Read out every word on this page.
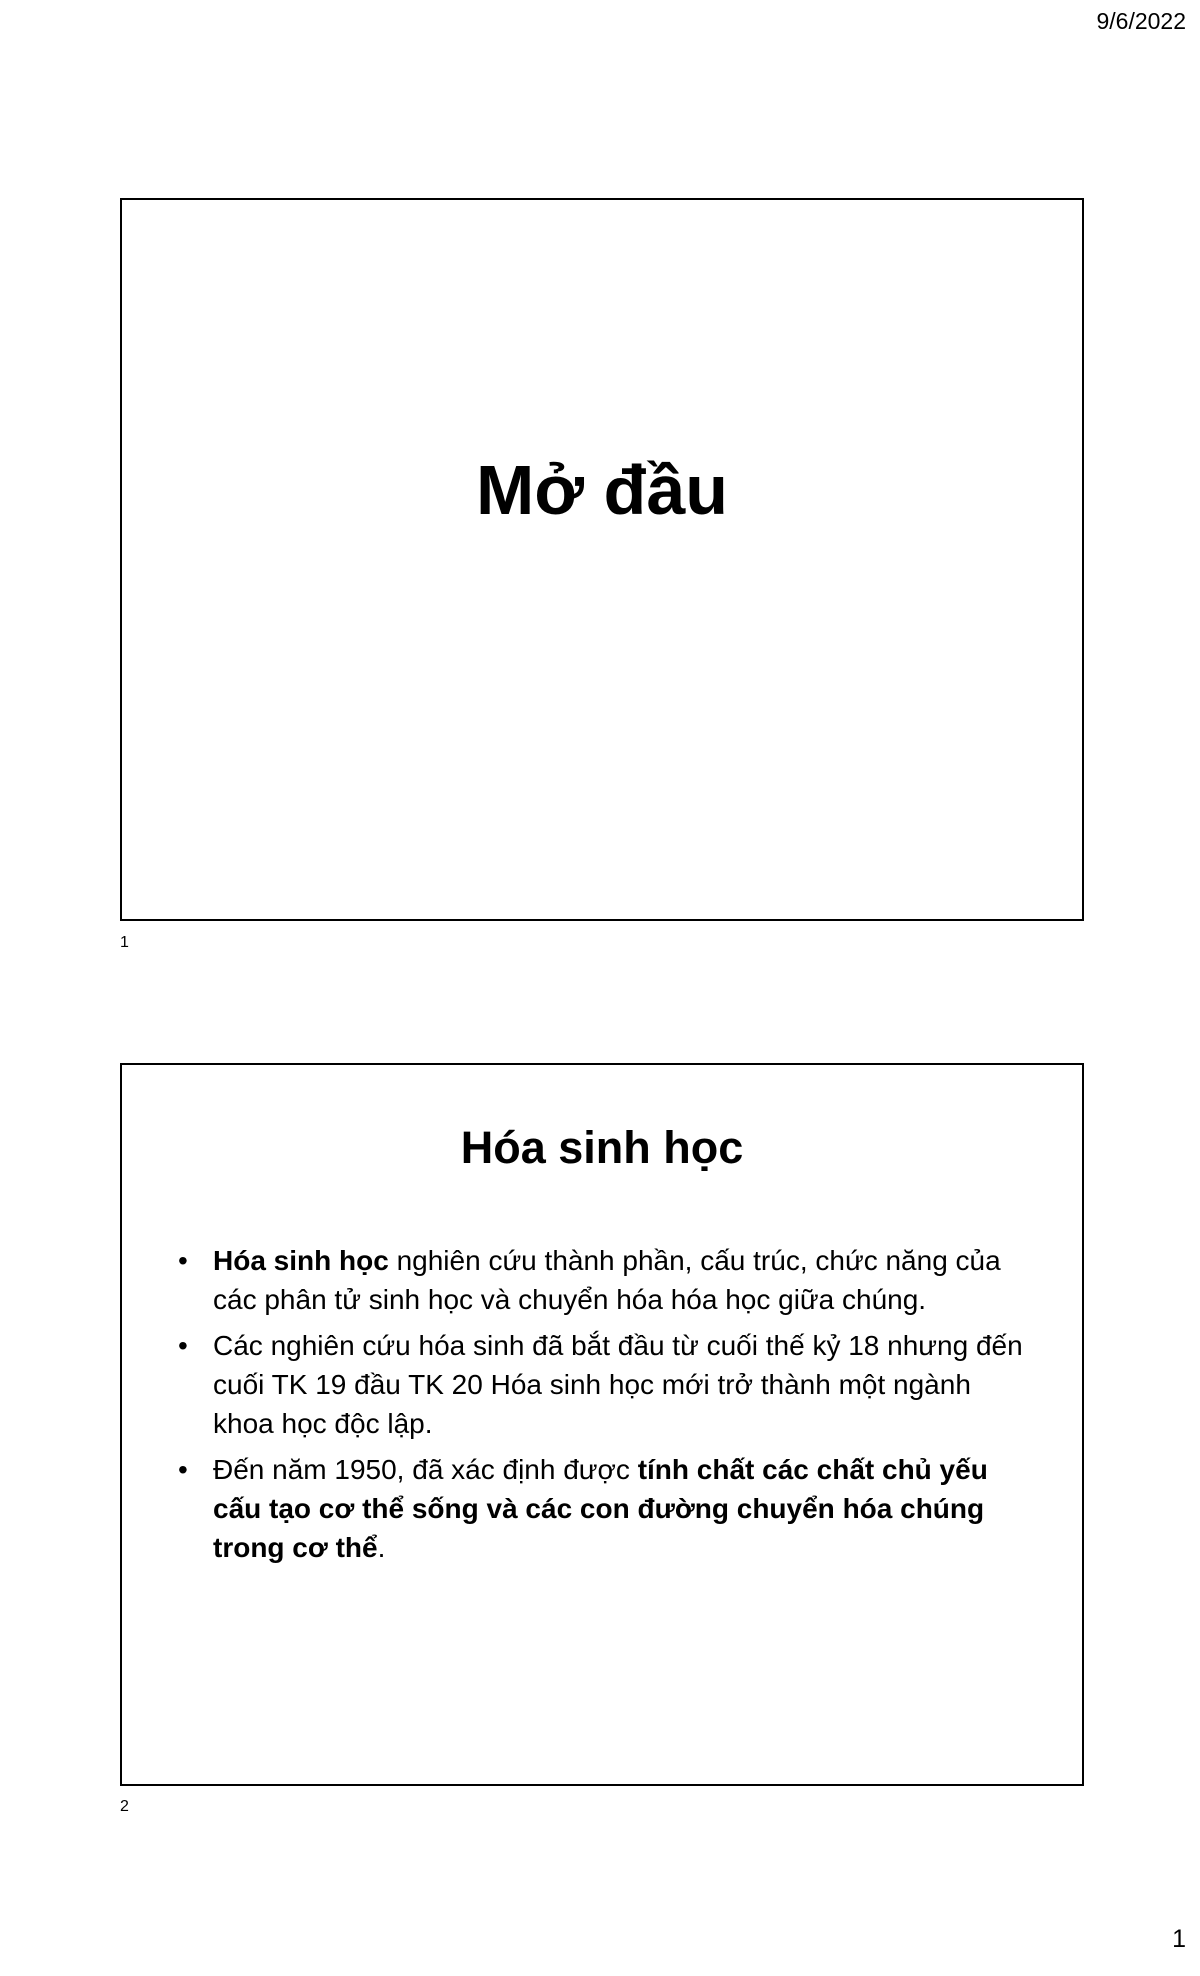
9/6/2022
Mở đầu
1
Hóa sinh học
• Hóa sinh học nghiên cứu thành phần, cấu trúc, chức năng của các phân tử sinh học và chuyển hóa hóa học giữa chúng.
• Các nghiên cứu hóa sinh đã bắt đầu từ cuối thế kỷ 18 nhưng đến cuối TK 19 đầu TK 20 Hóa sinh học mới trở thành một ngành khoa học độc lập.
• Đến năm 1950, đã xác định được tính chất các chất chủ yếu cấu tạo cơ thể sống và các con đường chuyển hóa chúng trong cơ thể.
2
1
